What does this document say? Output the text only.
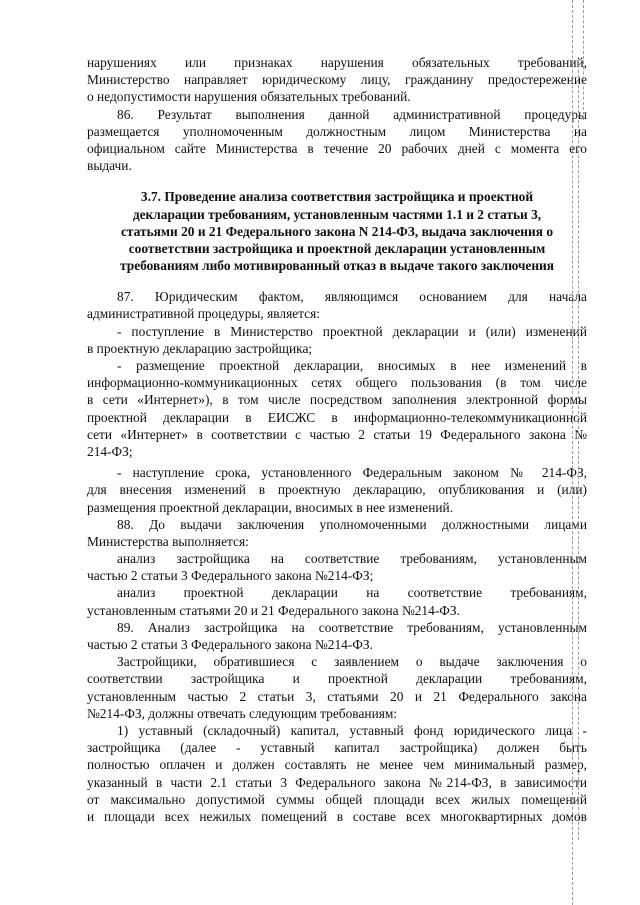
нарушениях или признаках нарушения обязательных требований,
Министерство направляет юридическому лицу, гражданину предостережение
о недопустимости нарушения обязательных требований.
86. Результат выполнения данной административной процедуры
размещается уполномоченным должностным лицом Министерства на
официальном сайте Министерства в течение 20 рабочих дней с момента его
выдачи.
3.7. Проведение анализа соответствия застройщика и проектной
декларации требованиям, установленным частями 1.1 и 2 статьи 3,
статьями 20 и 21 Федерального закона N 214-ФЗ, выдача заключения о
соответствии застройщика и проектной декларации установленным
требованиям либо мотивированный отказ в выдаче такого заключения
87. Юридическим фактом, являющимся основанием для начала
административной процедуры, является:
- поступление в Министерство проектной декларации и (или) изменений
в проектную декларацию застройщика;
- размещение проектной декларации, вносимых в нее изменений в
информационно-коммуникационных сетях общего пользования (в том числе
в сети «Интернет»), в том числе посредством заполнения электронной формы
проектной декларации в ЕИСЖС в информационно-телекоммуникационной
сети «Интернет» в соответствии с частью 2 статьи 19 Федерального закона №
214-ФЗ;
- наступление срока, установленного Федеральным законом № 214-ФЗ,
для внесения изменений в проектную декларацию, опубликования и (или)
размещения проектной декларации, вносимых в нее изменений.
88. До выдачи заключения уполномоченными должностными лицами
Министерства выполняется:
анализ застройщика на соответствие требованиям, установленным
частью 2 статьи 3 Федерального закона №214-ФЗ;
анализ проектной декларации на соответствие требованиям,
установленным статьями 20 и 21 Федерального закона №214-ФЗ.
89. Анализ застройщика на соответствие требованиям, установленным
частью 2 статьи 3 Федерального закона №214-ФЗ.
Застройщики, обратившиеся с заявлением о выдаче заключения о
соответствии застройщика и проектной декларации требованиям,
установленным частью 2 статьи 3, статьями 20 и 21 Федерального закона
№214-ФЗ, должны отвечать следующим требованиям:
1) уставный (складочный) капитал, уставный фонд юридического лица -
застройщика (далее - уставный капитал застройщика) должен быть
полностью оплачен и должен составлять не менее чем минимальный размер,
указанный в части 2.1 статьи 3 Федерального закона №214-ФЗ, в зависимости
от максимально допустимой суммы общей площади всех жилых помещений
и площади всех нежилых помещений в составе всех многоквартирных домов
